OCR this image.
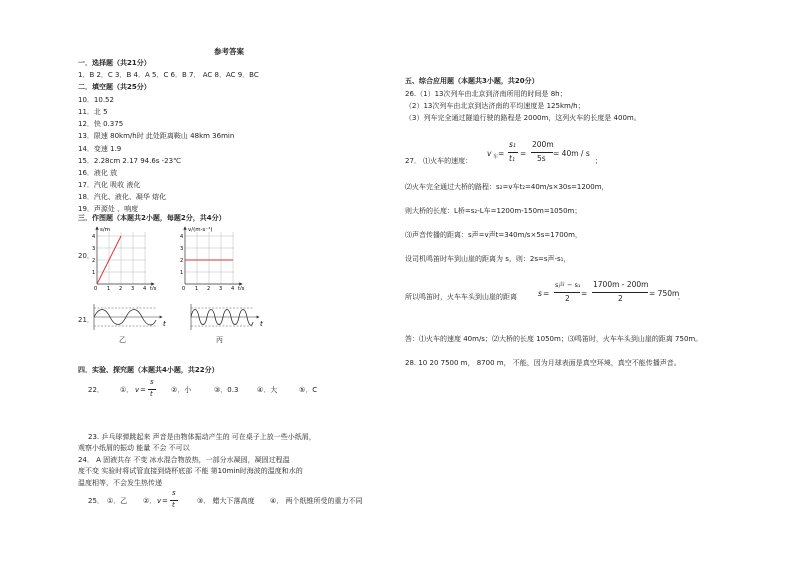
参考答案
一．选择题（共21分）
1．B 2．C 3．B 4．A 5．C 6．B 7． AC 8．AC 9．BC
二．填空题（共25分）
10．10.52
11．北 5
12．快 0.375
13．限速 80km/h时 此处距离鞍山 48km 36min
14．变速 1.9
15．2.28cm 2.17 94.6s -23℃
16．液化 放
17．汽化 吸收 液化
18．汽化、液化、凝华 熔化
19．声源处 、响度
三．作图题（本题共2小题，每题2分，共4分）
20．
21．
s/m
4
3
2
1
0 1 2 3 4 t/s
v/(m·s⁻¹)
4
3
2
1
0 1 2 3 4 t/s
t
乙
t
丙
四．实验、探究题（本题共4小题，共22分）
22． ①． v =
s
t	②．小	③．0.3	④．大	⑤．C
23. 乒乓球弹跳起来 声音是由物体振动产生的 可在桌子上放一些小纸屑，
观察小纸屑的振动 能量 不会 不可以
24． A 固液共存 不变 冰水混合物放热，一部分水凝固，凝固过程温
度不变 实验时将试管直接到烧杯底部 不能 第10min时海波的温度和水的
温度相等，不会发生热传递
25． ①．乙 ②． v =
s
t	③． 蜡大下落高度 ④． 两个纸锥所受的重力不同
五、综合应用题（本题共3小题，共20分）
26.（1）13次列车由北京到济南所用的时间是 8h；
（2）13次列车由北京到达济南的平均速度是 125km/h；
（3）列车完全通过隧道行驶的路程是 2000m，这列火车的长度是 400m。
27． ⑴火车的速度：
v 车 =
s₁
t₁
=
200m
5s
= 40m / s
；
⑵火车完全通过大桥的路程：s₂=v车t₂=40m/s×30s=1200m，
则大桥的长度：L桥=s₂-L车=1200m-150m=1050m；
⑶声音传播的距离：s声=v声t=340m/s×5s=1700m，
设司机鸣笛时车到山崖的距离为 s，则：2s=s声-s₁，
所以鸣笛时，火车车头到山崖的距离	s =
s声 − s₁
2
=
1700m - 200m
2
= 750m
．
答：⑴火车的速度 40m/s；⑵大桥的长度 1050m；⑶鸣笛时，火车车头到山崖的距离 750m。
28. 10 20 7500 m， 8700 m， 不能，因为月球表面是真空环境，真空不能传播声音。
